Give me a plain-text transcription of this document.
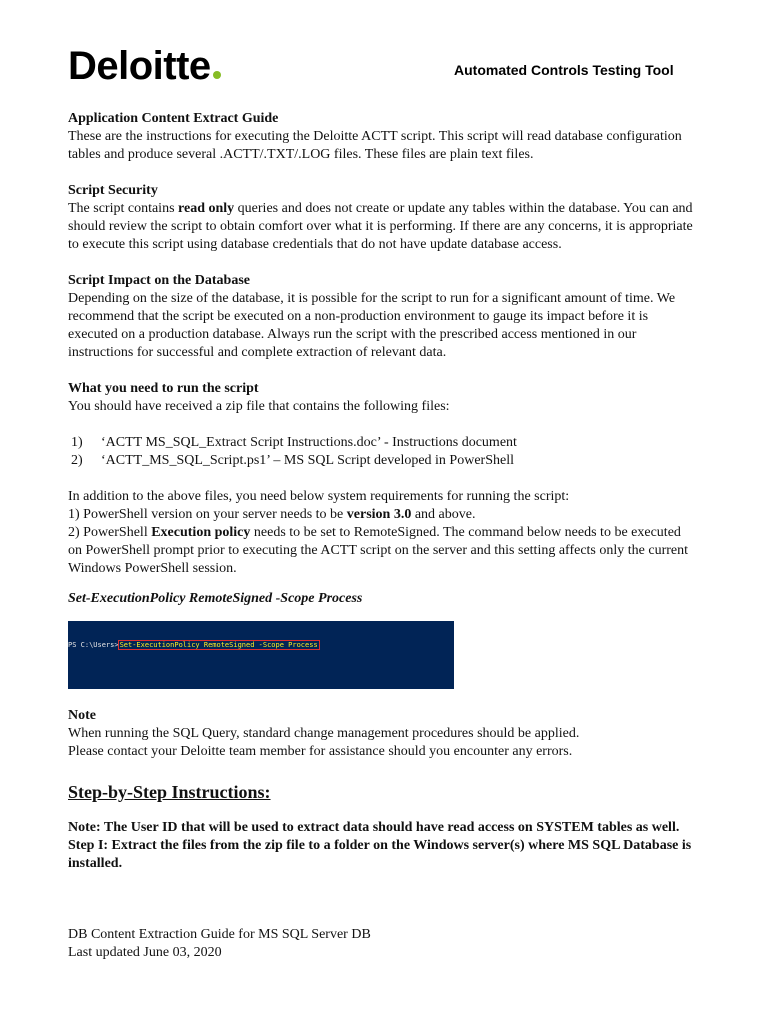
Deloitte	Automated Controls Testing Tool

Application Content Extract Guide

These are the instructions for executing the Deloitte ACTT script. This script will read database configuration tables and produce several .ACTT/.TXT/.LOG files. These files are plain text files.

Script Security

The script contains read only queries and does not create or update any tables within the database. You can and should review the script to obtain comfort over what it is performing. If there are any concerns, it is appropriate to execute this script using database credentials that do not have update database access.

Script Impact on the Database

Depending on the size of the database, it is possible for the script to run for a significant amount of time. We recommend that the script be executed on a non-production environment to gauge its impact before it is executed on a production database. Always run the script with the prescribed access mentioned in our instructions for successful and complete extraction of relevant data.

What you need to run the script

You should have received a zip file that contains the following files:

1)	‘ACTT MS_SQL_Extract Script Instructions.doc’ - Instructions document
2)	‘ACTT_MS_SQL_Script.ps1’ – MS SQL Script developed in PowerShell

In addition to the above files, you need below system requirements for running the script:

1) PowerShell version on your server needs to be version 3.0 and above.

2) PowerShell Execution policy needs to be set to RemoteSigned. The command below needs to be executed on PowerShell prompt prior to executing the ACTT script on the server and this setting affects only the current Windows PowerShell session.

Set-ExecutionPolicy RemoteSigned -Scope Process

PS C:\Users>Set-ExecutionPolicy RemoteSigned -Scope Process

Note

When running the SQL Query, standard change management procedures should be applied.

Please contact your Deloitte team member for assistance should you encounter any errors.

Step-by-Step Instructions:

Note: The User ID that will be used to extract data should have read access on SYSTEM tables as well.

Step I: Extract the files from the zip file to a folder on the Windows server(s) where MS SQL Database is installed.

DB Content Extraction Guide for MS SQL Server DB

Last updated June 03, 2020
